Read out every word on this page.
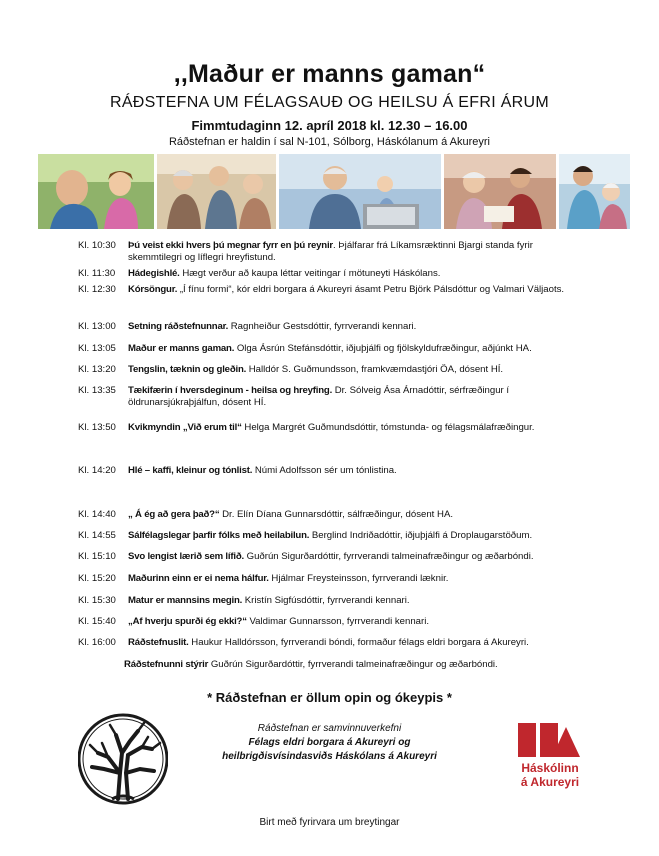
,,Maður er manns gaman“
RÁÐSTEFNA UM FÉLAGSAUÐ OG HEILSU Á EFRI ÁRUM
Fimmtudaginn 12. apríl 2018 kl. 12.30 – 16.00
Ráðstefnan er haldin í sal N-101, Sólborg, Háskólanum á Akureyri
Kl. 10:30	Þú veist ekki hvers þú megnar fyrr en þú reynir. Þjálfarar frá Líkamsræktinni Bjargi standa fyrir skemmtilegri og líflegri hreyfistund.
Kl. 11:30	Hádegishlé. Hægt verður að kaupa léttar veitingar í mötuneyti Háskólans.
Kl. 12:30	Kórsöngur. „Í fínu formi“, kór eldri borgara á Akureyri ásamt Petru Björk Pálsdóttur og Valmari Väljaots.
Kl. 13:00	Setning ráðstefnunnar. Ragnheiður Gestsdóttir, fyrrverandi kennari.
Kl. 13:05	Maður er manns gaman. Olga Ásrún Stefánsdóttir, iðjuþjálfi og fjölskyldufræðingur, aðjúnkt HA.
Kl. 13:20	Tengslin, tæknin og gleðin. Halldór S. Guðmundsson, framkvæmdastjóri ÖA, dósent HÍ.
Kl. 13:35	Tækifærin í hversdeginum - heilsa og hreyfing. Dr. Sólveig Ása Árnadóttir, sérfræðingur í öldrunarsjúkraþjálfun, dósent HÍ.
Kl. 13:50	Kvikmyndin „Við erum til“ Helga Margrét Guðmundsdóttir, tómstunda- og félagsmálafræðingur.
Kl. 14:20	Hlé – kaffi, kleinur og tónlist. Númi Adolfsson sér um tónlistina.
Kl. 14:40	„ Á ég að gera það?“ Dr. Elín Díana Gunnarsdóttir, sálfræðingur, dósent HA.
Kl. 14:55	Sálfélagslegar þarfir fólks með heilabilun. Berglind Indriðadóttir, iðjuþjálfi á Droplaugarstöðum.
Kl. 15:10	Svo lengist lærið sem lífið. Guðrún Sigurðardóttir, fyrrverandi talmeinafræðingur og æðarbóndi.
Kl. 15:20	Maðurinn einn er ei nema hálfur. Hjálmar Freysteinsson, fyrrverandi læknir.
Kl. 15:30	Matur er mannsins megin. Kristín Sigfúsdóttir, fyrrverandi kennari.
Kl. 15:40	„Af hverju spurði ég ekki?“ Valdimar Gunnarsson, fyrrverandi kennari.
Kl. 16:00	Ráðstefnuslit. Haukur Halldórsson, fyrrverandi bóndi, formaður félags eldri borgara á Akureyri.
Ráðstefnunni stýrir Guðrún Sigurðardóttir, fyrrverandi talmeinafræðingur og æðarbóndi.
* Ráðstefnan er öllum opin og ókeypis *
Ráðstefnan er samvinnuverkefni
Félags eldri borgara á Akureyri og
heilbrigðisvísindasviðs Háskólans á Akureyri
Háskólinn
á Akureyri
Birt með fyrirvara um breytingar
